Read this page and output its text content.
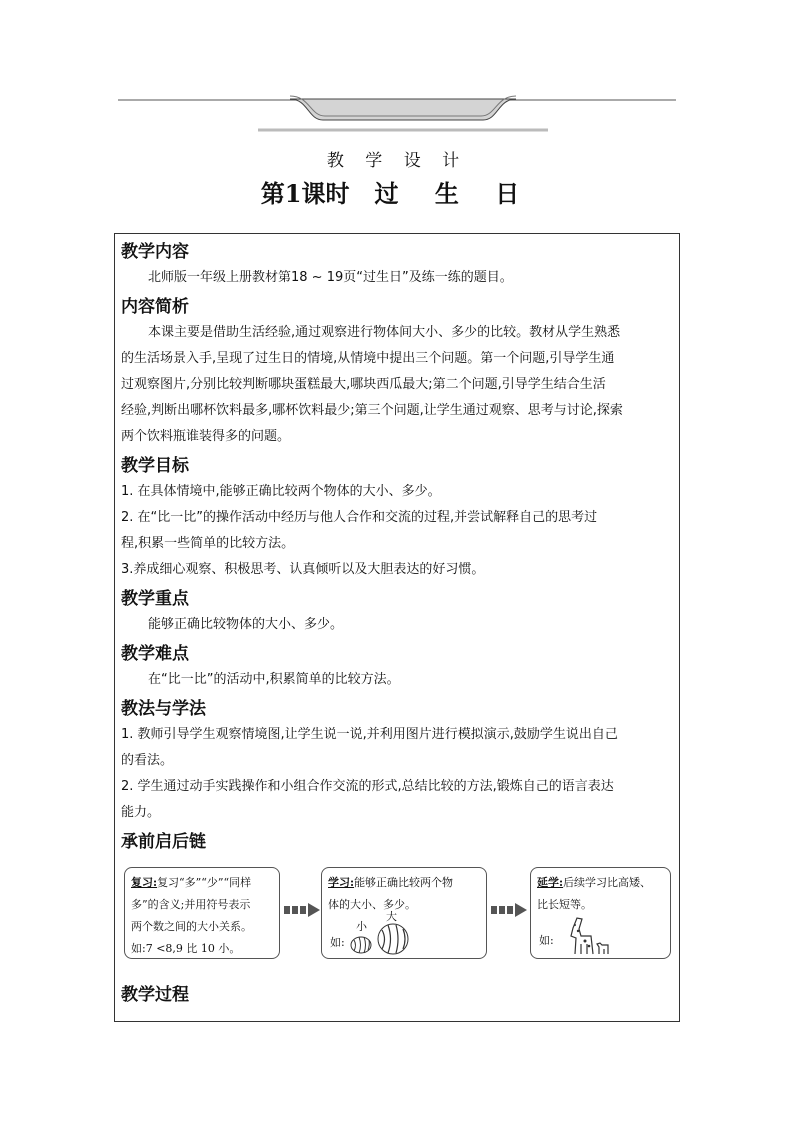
教 学 设 计
第1课时 过 生 日
教学内容
北师版一年级上册教材第18 ~ 19页“过生日”及练一练的题目。
内容简析
本课主要是借助生活经验,通过观察进行物体间大小、多少的比较。教材从学生熟悉
的生活场景入手,呈现了过生日的情境,从情境中提出三个问题。第一个问题,引导学生通
过观察图片,分别比较判断哪块蛋糕最大,哪块西瓜最大;第二个问题,引导学生结合生活
经验,判断出哪杯饮料最多,哪杯饮料最少;第三个问题,让学生通过观察、思考与讨论,探索
两个饮料瓶谁装得多的问题。
教学目标
1. 在具体情境中,能够正确比较两个物体的大小、多少。
2. 在“比一比”的操作活动中经历与他人合作和交流的过程,并尝试解释自己的思考过
程,积累一些简单的比较方法。
3.养成细心观察、积极思考、认真倾听以及大胆表达的好习惯。
教学重点
能够正确比较物体的大小、多少。
教学难点
在“比一比”的活动中,积累简单的比较方法。
教法与学法
1. 教师引导学生观察情境图,让学生说一说,并利用图片进行模拟演示,鼓励学生说出自己
的看法。
2. 学生通过动手实践操作和小组合作交流的形式,总结比较的方法,锻炼自己的语言表达
能力。
承前启后链
复习:复习“多”“少”“同样
多”的含义;并用符号表示
两个数之间的大小关系。
如:7 <8,9 比 10 小。
学习:能够正确比较两个物
体的大小、多少。
如:
小
大
延学:后续学习比高矮、
比长短等。
如:
教学过程
